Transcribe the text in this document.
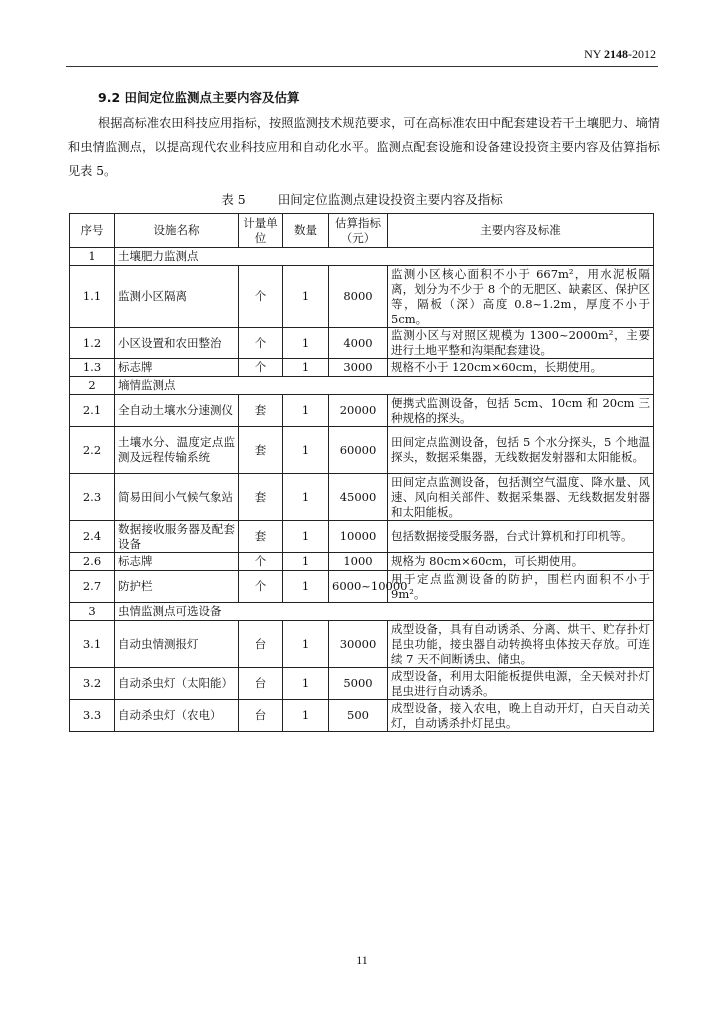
NY 2148-2012
9.2 田间定位监测点主要内容及估算
根据高标准农田科技应用指标，按照监测技术规范要求，可在高标准农田中配套建设若干土壤肥力、墒情和虫情监测点，以提高现代农业科技应用和自动化水平。监测点配套设施和设备建设投资主要内容及估算指标见表 5。
表 5	田间定位监测点建设投资主要内容及指标
序号	设施名称	计量单位	数量	估算指标（元）	主要内容及标准
1	土壤肥力监测点				
1.1	监测小区隔离	个	1	8000	监测小区核心面积不小于 667m²，用水泥板隔离，划分为不少于 8 个的无肥区、缺素区、保护区等，隔板（深）高度 0.8~1.2m，厚度不小于 5cm。
1.2	小区设置和农田整治	个	1	4000	监测小区与对照区规模为 1300~2000m²，主要进行土地平整和沟渠配套建设。
1.3	标志牌	个	1	3000	规格不小于 120cm×60cm，长期使用。
2	墒情监测点				
2.1	全自动土壤水分速测仪	套	1	20000	便携式监测设备，包括 5cm、10cm 和 20cm 三种规格的探头。
2.2	土壤水分、温度定点监测及远程传输系统	套	1	60000	田间定点监测设备，包括 5 个水分探头，5 个地温探头，数据采集器，无线数据发射器和太阳能板。
2.3	简易田间小气候气象站	套	1	45000	田间定点监测设备，包括测空气温度、降水量、风速、风向相关部件、数据采集器、无线数据发射器和太阳能板。
2.4	数据接收服务器及配套设备	套	1	10000	包括数据接受服务器，台式计算机和打印机等。
2.6	标志牌	个	1	1000	规格为 80cm×60cm，可长期使用。
2.7	防护栏	个	1	6000~10000	用于定点监测设备的防护，围栏内面积不小于 9m²。
3	虫情监测点可选设备				
3.1	自动虫情测报灯	台	1	30000	成型设备，具有自动诱杀、分离、烘干、贮存扑灯昆虫功能，接虫器自动转换将虫体按天存放。可连续 7 天不间断诱虫、储虫。
3.2	自动杀虫灯（太阳能）	台	1	5000	成型设备，利用太阳能板提供电源，全天候对扑灯昆虫进行自动诱杀。
3.3	自动杀虫灯（农电）	台	1	500	成型设备，接入农电，晚上自动开灯，白天自动关灯，自动诱杀扑灯昆虫。
11
